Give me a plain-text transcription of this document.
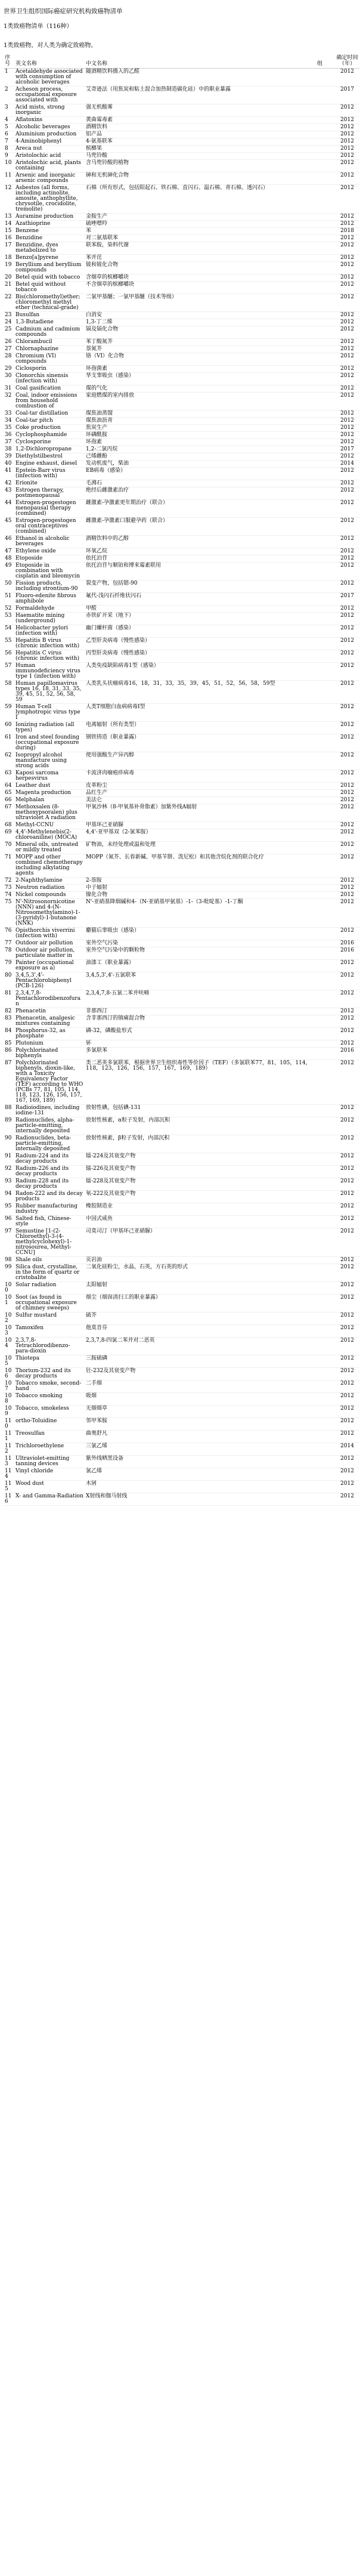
世界卫生组织国际癌症研究机构致癌物清单
1类致癌物清单（116种）
1类致癌物，对人类为确定致癌物。
序号	英文名称	中文名称	组	确定时间（年）
1	Acetaldehyde associated with consumption of alcoholic beverages	随酒精饮料摄入的乙醛		2012
2	Acheson process, occupational exposure associated with	艾奇逊法（用焦炭和粘土混合加热制造碳化硅）中的职业暴露		2017
3	Acid mists, strong inorganic	强无机酸雾		2012
4	Aflatoxins	黄曲霉毒素		2012
5	Alcoholic beverages	酒精饮料		2012
6	Aluminium production	铝产品		2012
7	4-Aminobiphenyl	4-氨基联苯		2012
8	Areca nut	槟榔果		2012
9	Aristolochic acid	马兜铃酸		2012
10	Aristolochic acid, plants containing	含马兜铃酸的植物		2012
11	Arsenic and inorganic arsenic compounds	砷和无机砷化合物		2012
12	Asbestos (all forms, including actinolite, amosite, anthophyllite, chrysotile, crocidolite, tremolite)	石棉（所有形式，包括阳起石、铁石棉、直闪石、温石棉、青石棉、透闪石）		2012
13	Auramine production	金胺生产		2012
14	Azathioprine	硫唑嘌呤		2012
15	Benzene	苯		2018
16	Benzidine	对二氨基联苯		2012
17	Benzidine, dyes metabolized to	联苯胺，染料代谢		2012
18	Benzo[a]pyrene	苯并芘		2012
19	Beryllium and beryllium compounds	铍和铍化合物		2012
20	Betel quid with tobacco	含烟草的槟榔嚼块		2012
21	Betel quid without tobacco	不含烟草的槟榔嚼块		2012
22	Bis(chloromethyl)ether; chloromethyl methyl ether (technical-grade)	二氯甲基醚；一氯甲基醚（技术等级）		2012
23	Busulfan	白消安		2012
24	1,3-Butadiene	1,3-丁二烯		2012
25	Cadmium and cadmium compounds	镉及镉化合物		2012
26	Chlorambucil	苯丁酸氮芥		2012
27	Chlornaphazine	萘氮芥		2012
28	Chromium (VI) compounds	铬（VI）化合物		2012
29	Ciclosporin	环孢菌素		2012
30	Clonorchis sinensis (infection with)	华支睾吸虫（感染）		2012
31	Coal gasification	煤的气化		2012
32	Coal, indoor emissions from household combustion of	家庭燃煤的室内排放		2012
33	Coal-tar distillation	煤焦油蒸馏		2012
34	Coal-tar pitch	煤焦油沥青		2012
35	Coke production	焦炭生产		2012
36	Cyclophosphamide	环磷酰胺		2012
37	Cyclosporine	环孢素		2012
38	1,2-Dichloropropane	1,2-二氯丙烷		2017
39	Diethylstilbestrol	己烯雌酚		2012
40	Engine exhaust, diesel	发动机废气，柴油		2014
41	Epstein-Barr virus (infection with)	EB病毒（感染）		2012
42	Erionite	毛沸石		2012
43	Estrogen therapy, postmenopausal	绝经后雌激素治疗		2012
44	Estrogen-progestogen menopausal therapy (combined)	雌激素-孕激素更年期治疗（联合）		2012
45	Estrogen-progestogen oral contraceptives (combined)	雌激素-孕激素口服避孕药（联合）		2012
46	Ethanol in alcoholic beverages	酒精饮料中的乙醇		2012
47	Ethylene oxide	环氧乙烷		2012
48	Etoposide	依托泊苷		2012
49	Etoposide in combination with cisplatin and bleomycin	依托泊苷与顺铂和博来霉素联用		2012
50	Fission products, including strontium-90	裂变产物，包括锶-90		2012
51	Fluoro-edenite fibrous amphibole	氟代-浅闪石纤维状闪石		2017
52	Formaldehyde	甲醛		2012
53	Haematite mining (underground)	赤铁矿开采（地下）		2012
54	Helicobacter pylori (infection with)	幽门螺杆菌（感染）		2012
55	Hepatitis B virus (chronic infection with)	乙型肝炎病毒（慢性感染）		2012
56	Hepatitis C virus (chronic infection with)	丙型肝炎病毒（慢性感染）		2012
57	Human immunodeficiency virus type 1 (infection with)	人类免疫缺陷病毒1型（感染）		2012
58	Human papillomavirus types 16, 18, 31, 33, 35, 39, 45, 51, 52, 56, 58, 59	人类乳头状瘤病毒16，18，31，33，35，39，45，51，52，56，58，59型		2012
59	Human T-cell lymphotropic virus type I	人类T细胞白血病病毒I型		2012
60	Ionizing radiation (all types)	电离辐射（所有类型）		2012
61	Iron and steel founding (occupational exposure during)	钢铁铸造（职业暴露）		2012
62	Isopropyl alcohol manufacture using strong acids	使用强酸生产异丙醇		2012
63	Kaposi sarcoma herpesvirus	卡波济肉瘤疱疹病毒		2012
64	Leather dust	皮革粉尘		2012
65	Magenta production	品红生产		2012
66	Melphalan	美法仑		2012
67	Methoxsalen (8-methoxypsoralen) plus ultraviolet A radiation	甲氧沙林（8-甲氧基补骨脂素）加紫外线A辐射		2012
68	Methyl-CCNU	甲基环己亚硝脲		2012
69	4,4'-Methylenebis(2-chloroaniline) (MOCA)	4,4'-亚甲基双（2-氯苯胺）		2012
70	Mineral oils, untreated or mildly treated	矿物油，未经处理或温和处理		2012
71	MOPP and other combined chemotherapy including alkylating agents	MOPP（氮芥、长春新碱、甲基苄肼、泼尼松）和其他含烷化剂的联合化疗		2012
72	2-Naphthylamine	2-萘胺		2012
73	Neutron radiation	中子辐射		2012
74	Nickel compounds	镍化合物		2012
75	N'-Nitrosonornicotine (NNN) and 4-(N-Nitrosomethylamino)-1-(3-pyridyl)-1-butanone (NNK)	N'-亚硝基降烟碱和4-（N-亚硝基甲氨基）-1-（3-吡啶基）-1-丁酮		2012
76	Opisthorchis viverrini (infection with)	麝猫后睾吸虫（感染）		2012
77	Outdoor air pollution	室外空气污染		2016
78	Outdoor air pollution, particulate matter in	室外空气污染中的颗粒物		2016
79	Painter (occupational exposure as a)	油漆工（职业暴露）		2012
80	3,4,5,3',4'-Pentachlorobiphenyl (PCB-126)	3,4,5,3',4'-五氯联苯		2012
81	2,3,4,7,8-Pentachlorodibenzofuran	2,3,4,7,8-五氯二苯并呋喃		2012
82	Phenacetin	非那西汀		2012
83	Phenacetin, analgesic mixtures containing	含非那西汀的镇痛混合物		2012
84	Phosphorus-32, as phosphate	磷-32，磷酸盐形式		2012
85	Plutonium	钚		2012
86	Polychlorinated biphenyls	多氯联苯		2016
87	Polychlorinated biphenyls, dioxin-like, with a Toxicity Equivalency Factor (TEF) according to WHO (PCBs 77, 81, 105, 114, 118, 123, 126, 156, 157, 167, 169, 189)	类二恶英多氯联苯，根据世界卫生组织毒性等价因子（TEF）（多氯联苯77，81，105，114，118，123，126，156，157，167，169，189）		2012
88	Radioiodines, including iodine-131	放射性碘，包括碘-131		2012
89	Radionuclides, alpha-particle-emitting, internally deposited	放射性核素，α粒子发射，内部沉积		2012
90	Radionuclides, beta-particle-emitting, internally deposited	放射性核素，β粒子发射，内部沉积		2012
91	Radium-224 and its decay products	镭-224及其衰变产物		2012
92	Radium-226 and its decay products	镭-226及其衰变产物		2012
93	Radium-228 and its decay products	镭-228及其衰变产物		2012
94	Radon-222 and its decay products	氡-222及其衰变产物		2012
95	Rubber manufacturing industry	橡胶制造业		2012
96	Salted fish, Chinese-style	中国式咸鱼		2012
97	Semustine [1-(2-Chloroethyl)-3-(4-methylcyclohexyl)-1-nitrosourea, Methyl-CCNU]	司莫司汀（甲基环己亚硝脲）		2012
98	Shale oils	页岩油		2012
99	Silica dust, crystalline, in the form of quartz or cristobalite	二氧化硅粉尘，水晶，石英，方石英的形式		2012
100	Solar radiation	太阳辐射		2012
101	Soot (as found in occupational exposure of chimney sweeps)	烟尘（烟囱清扫工的职业暴露）		2012
102	Sulfur mustard	硫芥		2012
103	Tamoxifen	他莫昔芬		2012
104	2,3,7,8-Tetrachlorodibenzo-para-dioxin	2,3,7,8-四氯二苯并对二恶英		2012
105	Thiotepa	三胺硫磷		2012
106	Thorium-232 and its decay products	钍-232及其衰变产物		2012
107	Tobacco smoke, second-hand	二手烟		2012
108	Tobacco smoking	吸烟		2012
109	Tobacco, smokeless	无烟烟草		2012
110	ortho-Toluidine	邻甲苯胺		2012
111	Treosulfan	曲奥舒凡		2012
112	Trichloroethylene	三氯乙烯		2014
113	Ultraviolet-emitting tanning devices	紫外线晒黑设备		2012
114	Vinyl chloride	氯乙烯		2012
115	Wood dust	木屑		2012
116	X- and Gamma-Radiation	X射线和伽马射线		2012
